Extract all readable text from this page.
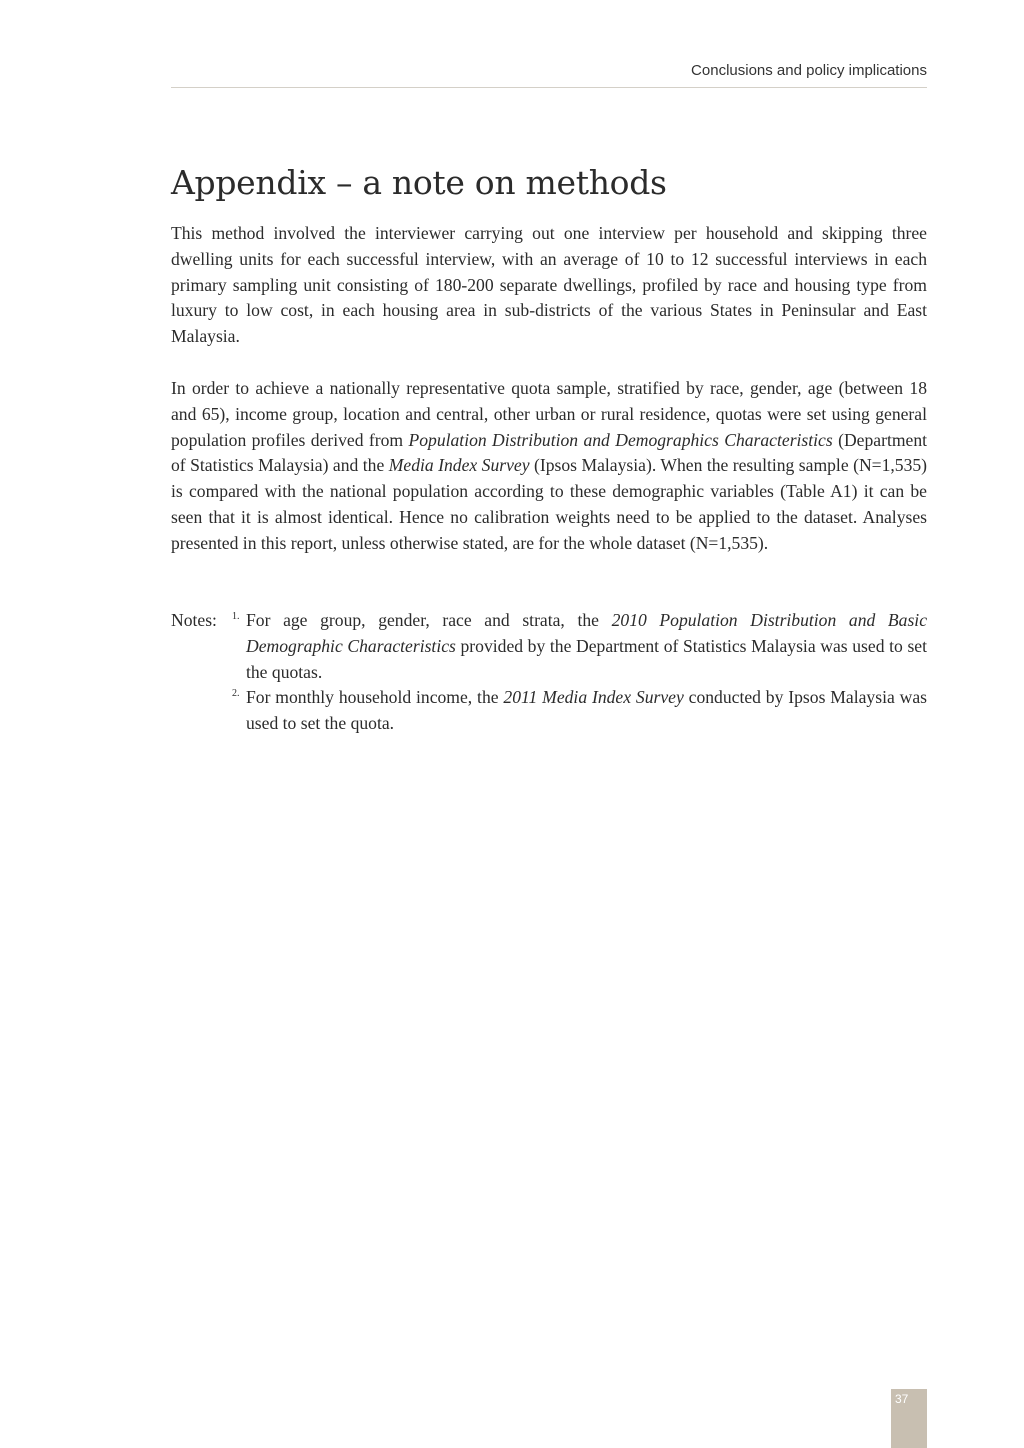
Conclusions and policy implications
Appendix – a note on methods

This method involved the interviewer carrying out one interview per household and skipping three dwelling units for each successful interview, with an average of 10 to 12 successful interviews in each primary sampling unit consisting of 180-200 separate dwellings, profiled by race and housing type from luxury to low cost, in each housing area in sub-districts of the various States in Peninsular and East Malaysia.

In order to achieve a nationally representative quota sample, stratified by race, gender, age (between 18 and 65), income group, location and central, other urban or rural residence, quotas were set using general population profiles derived from Population Distribution and Demographics Characteristics (Department of Statistics Malaysia) and the Media Index Survey (Ipsos Malaysia). When the resulting sample (N=1,535) is compared with the national population according to these demographic variables (Table A1) it can be seen that it is almost identical. Hence no calibration weights need to be applied to the dataset. Analyses presented in this report, unless otherwise stated, are for the whole dataset (N=1,535).

Notes: 1. For age group, gender, race and strata, the 2010 Population Distribution and Basic Demographic Characteristics provided by the Department of Statistics Malaysia was used to set the quotas.
2. For monthly household income, the 2011 Media Index Survey conducted by Ipsos Malaysia was used to set the quota.
37
